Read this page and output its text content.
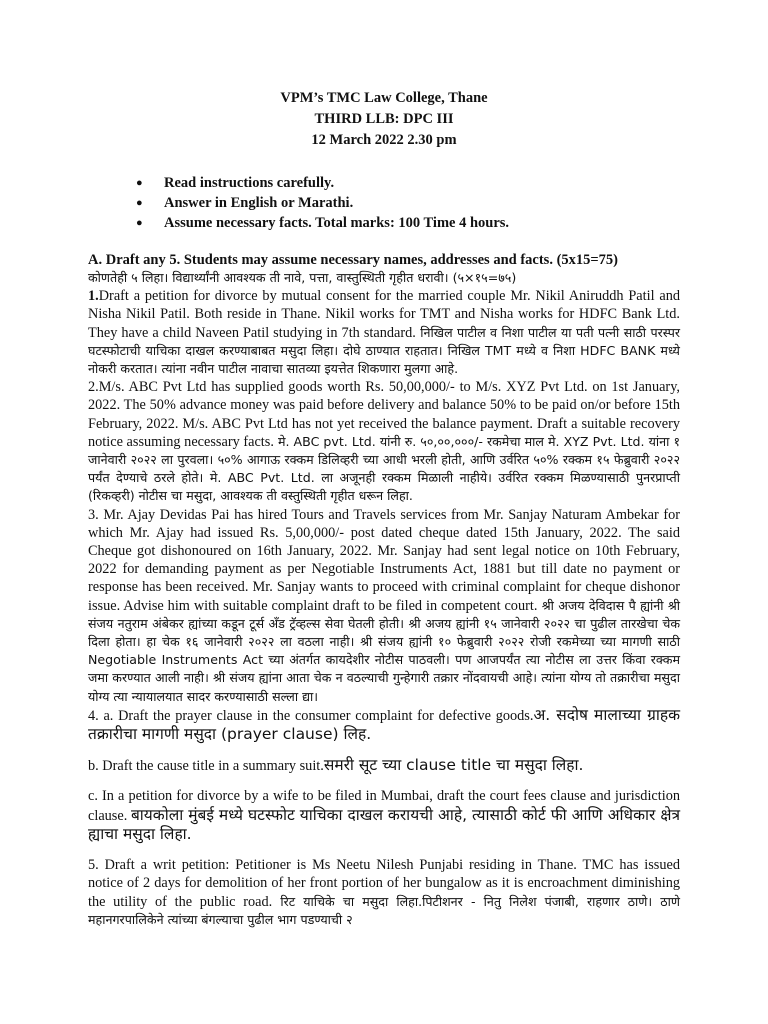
VPM’s TMC Law College, Thane
THIRD LLB: DPC III
12 March 2022 2.30 pm
● Read instructions carefully.
● Answer in English or Marathi.
● Assume necessary facts. Total marks: 100 Time 4 hours.
A. Draft any 5. Students may assume necessary names, addresses and facts. (5x15=75)
कोणतेही ५ लिहा। विद्यार्थ्यांनी आवश्यक ती नावे, पत्ता, वास्तुस्थिती गृहीत धरावी। (५×१५=७५)

1.Draft a petition for divorce by mutual consent for the married couple Mr. Nikil Aniruddh Patil and Nisha Nikil Patil. Both reside in Thane. Nikil works for TMT and Nisha works for HDFC Bank Ltd. They have a child Naveen Patil studying in 7th standard. निखिल पाटील व निशा पाटील या पती पत्नी साठी परस्पर घटस्फोटाची याचिका दाखल करण्याबाबत मसुदा लिहा। दोघे ठाण्यात राहतात। निखिल TMT मध्ये व निशा HDFC BANK मध्ये नोकरी करतात। त्यांना नवीन पाटील नावाचा सातव्या इयत्तेत शिकणारा मुलगा आहे.

2.M/s. ABC Pvt Ltd has supplied goods worth Rs. 50,00,000/- to M/s. XYZ Pvt Ltd. on 1st January, 2022. The 50% advance money was paid before delivery and balance 50% to be paid on/or before 15th February, 2022. M/s. ABC Pvt Ltd has not yet received the balance payment. Draft a suitable recovery notice assuming necessary facts. मे. ABC pvt. Ltd. यांनी रु. ५०,००,०००/- रकमेचा माल मे. XYZ Pvt. Ltd. यांना १ जानेवारी २०२२ ला पुरवला। ५०% आगाऊ रक्कम डिलिव्हरी च्या आधी भरली होती, आणि उर्वरित ५०% रक्कम १५ फेब्रुवारी २०२२ पर्यंत देण्याचे ठरले होते। मे. ABC Pvt. Ltd. ला अजूनही रक्कम मिळाली नाहीये। उर्वरित रक्कम मिळण्यासाठी पुनरप्राप्ती (रिकव्हरी) नोटीस चा मसुदा, आवश्यक ती वस्तुस्थिती गृहीत धरून लिहा.

3. Mr. Ajay Devidas Pai has hired Tours and Travels services from Mr. Sanjay Naturam Ambekar for which Mr. Ajay had issued Rs. 5,00,000/- post dated cheque dated 15th January, 2022. The said Cheque got dishonoured on 16th January, 2022. Mr. Sanjay had sent legal notice on 10th February, 2022 for demanding payment as per Negotiable Instruments Act, 1881 but till date no payment or response has been received. Mr. Sanjay wants to proceed with criminal complaint for cheque dishonor issue. Advise him with suitable complaint draft to be filed in competent court. श्री अजय देविदास पै ह्यांनी श्री संजय नतुराम अंबेकर ह्यांच्या कडून टूर्स अँड ट्रॅव्हल्स सेवा घेतली होती। श्री अजय ह्यांनी १५ जानेवारी २०२२ चा पुढील तारखेचा चेक दिला होता। हा चेक १६ जानेवारी २०२२ ला वठला नाही। श्री संजय ह्यांनी १० फेब्रुवारी २०२२ रोजी रकमेच्या च्या मागणी साठी Negotiable Instruments Act च्या अंतर्गत कायदेशीर नोटीस पाठवली। पण आजपर्यंत त्या नोटीस ला उत्तर किंवा रक्कम जमा करण्यात आली नाही। श्री संजय ह्यांना आता चेक न वठल्याची गुन्हेगारी तक्रार नोंदवायची आहे। त्यांना योग्य तो तक्रारीचा मसुदा योग्य त्या न्यायालयात सादर करण्यासाठी सल्ला द्या।

4. a. Draft the prayer clause in the consumer complaint for defective goods.अ. सदोष मालाच्या ग्राहक तक्रारीचा मागणी मसुदा (prayer clause) लिह.

b. Draft the cause title in a summary suit.समरी सूट च्या clause title चा मसुदा लिहा.

c. In a petition for divorce by a wife to be filed in Mumbai, draft the court fees clause and jurisdiction clause. बायकोला मुंबई मध्ये घटस्फोट याचिका दाखल करायची आहे, त्यासाठी कोर्ट फी आणि अधिकार क्षेत्र ह्याचा मसुदा लिहा.

5. Draft a writ petition: Petitioner is Ms Neetu Nilesh Punjabi residing in Thane. TMC has issued notice of 2 days for demolition of her front portion of her bungalow as it is encroachment diminishing the utility of the public road. रिट याचिके चा मसुदा लिहा.पिटीशनर - नितु निलेश पंजाबी, राहणार ठाणे। ठाणे महानगरपालिकेने त्यांच्या बंगल्याचा पुढील भाग पडण्याची २
